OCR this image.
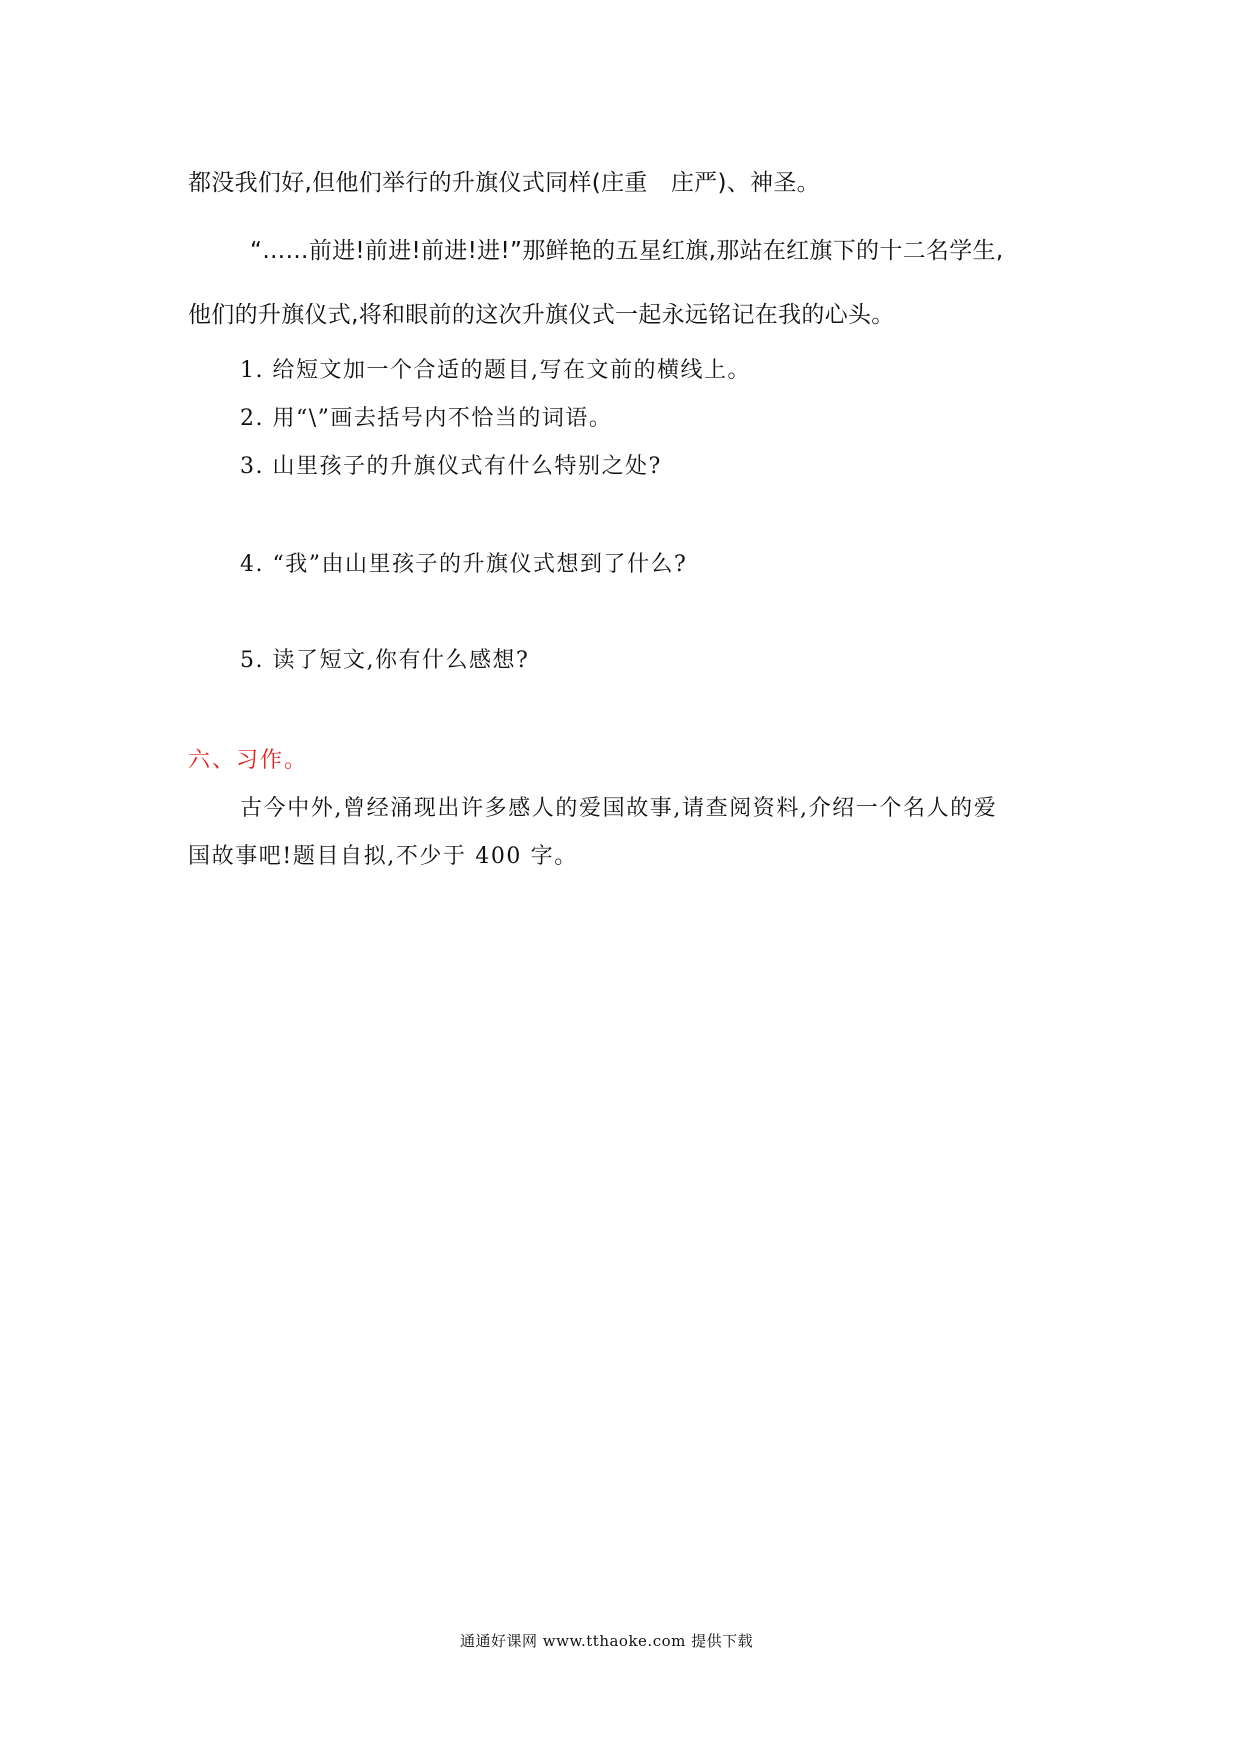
都没我们好,但他们举行的升旗仪式同样(庄重　庄严)、神圣。
“……前进!前进!前进!进!”那鲜艳的五星红旗,那站在红旗下的十二名学生,
他们的升旗仪式,将和眼前的这次升旗仪式一起永远铭记在我的心头。
1. 给短文加一个合适的题目,写在文前的横线上。
2. 用“\”画去括号内不恰当的词语。
3. 山里孩子的升旗仪式有什么特别之处?
4. “我”由山里孩子的升旗仪式想到了什么?
5. 读了短文,你有什么感想?
六、习作。
古今中外,曾经涌现出许多感人的爱国故事,请查阅资料,介绍一个名人的爱
国故事吧!题目自拟,不少于 400 字。
通通好课网 www.tthaoke.com 提供下载
